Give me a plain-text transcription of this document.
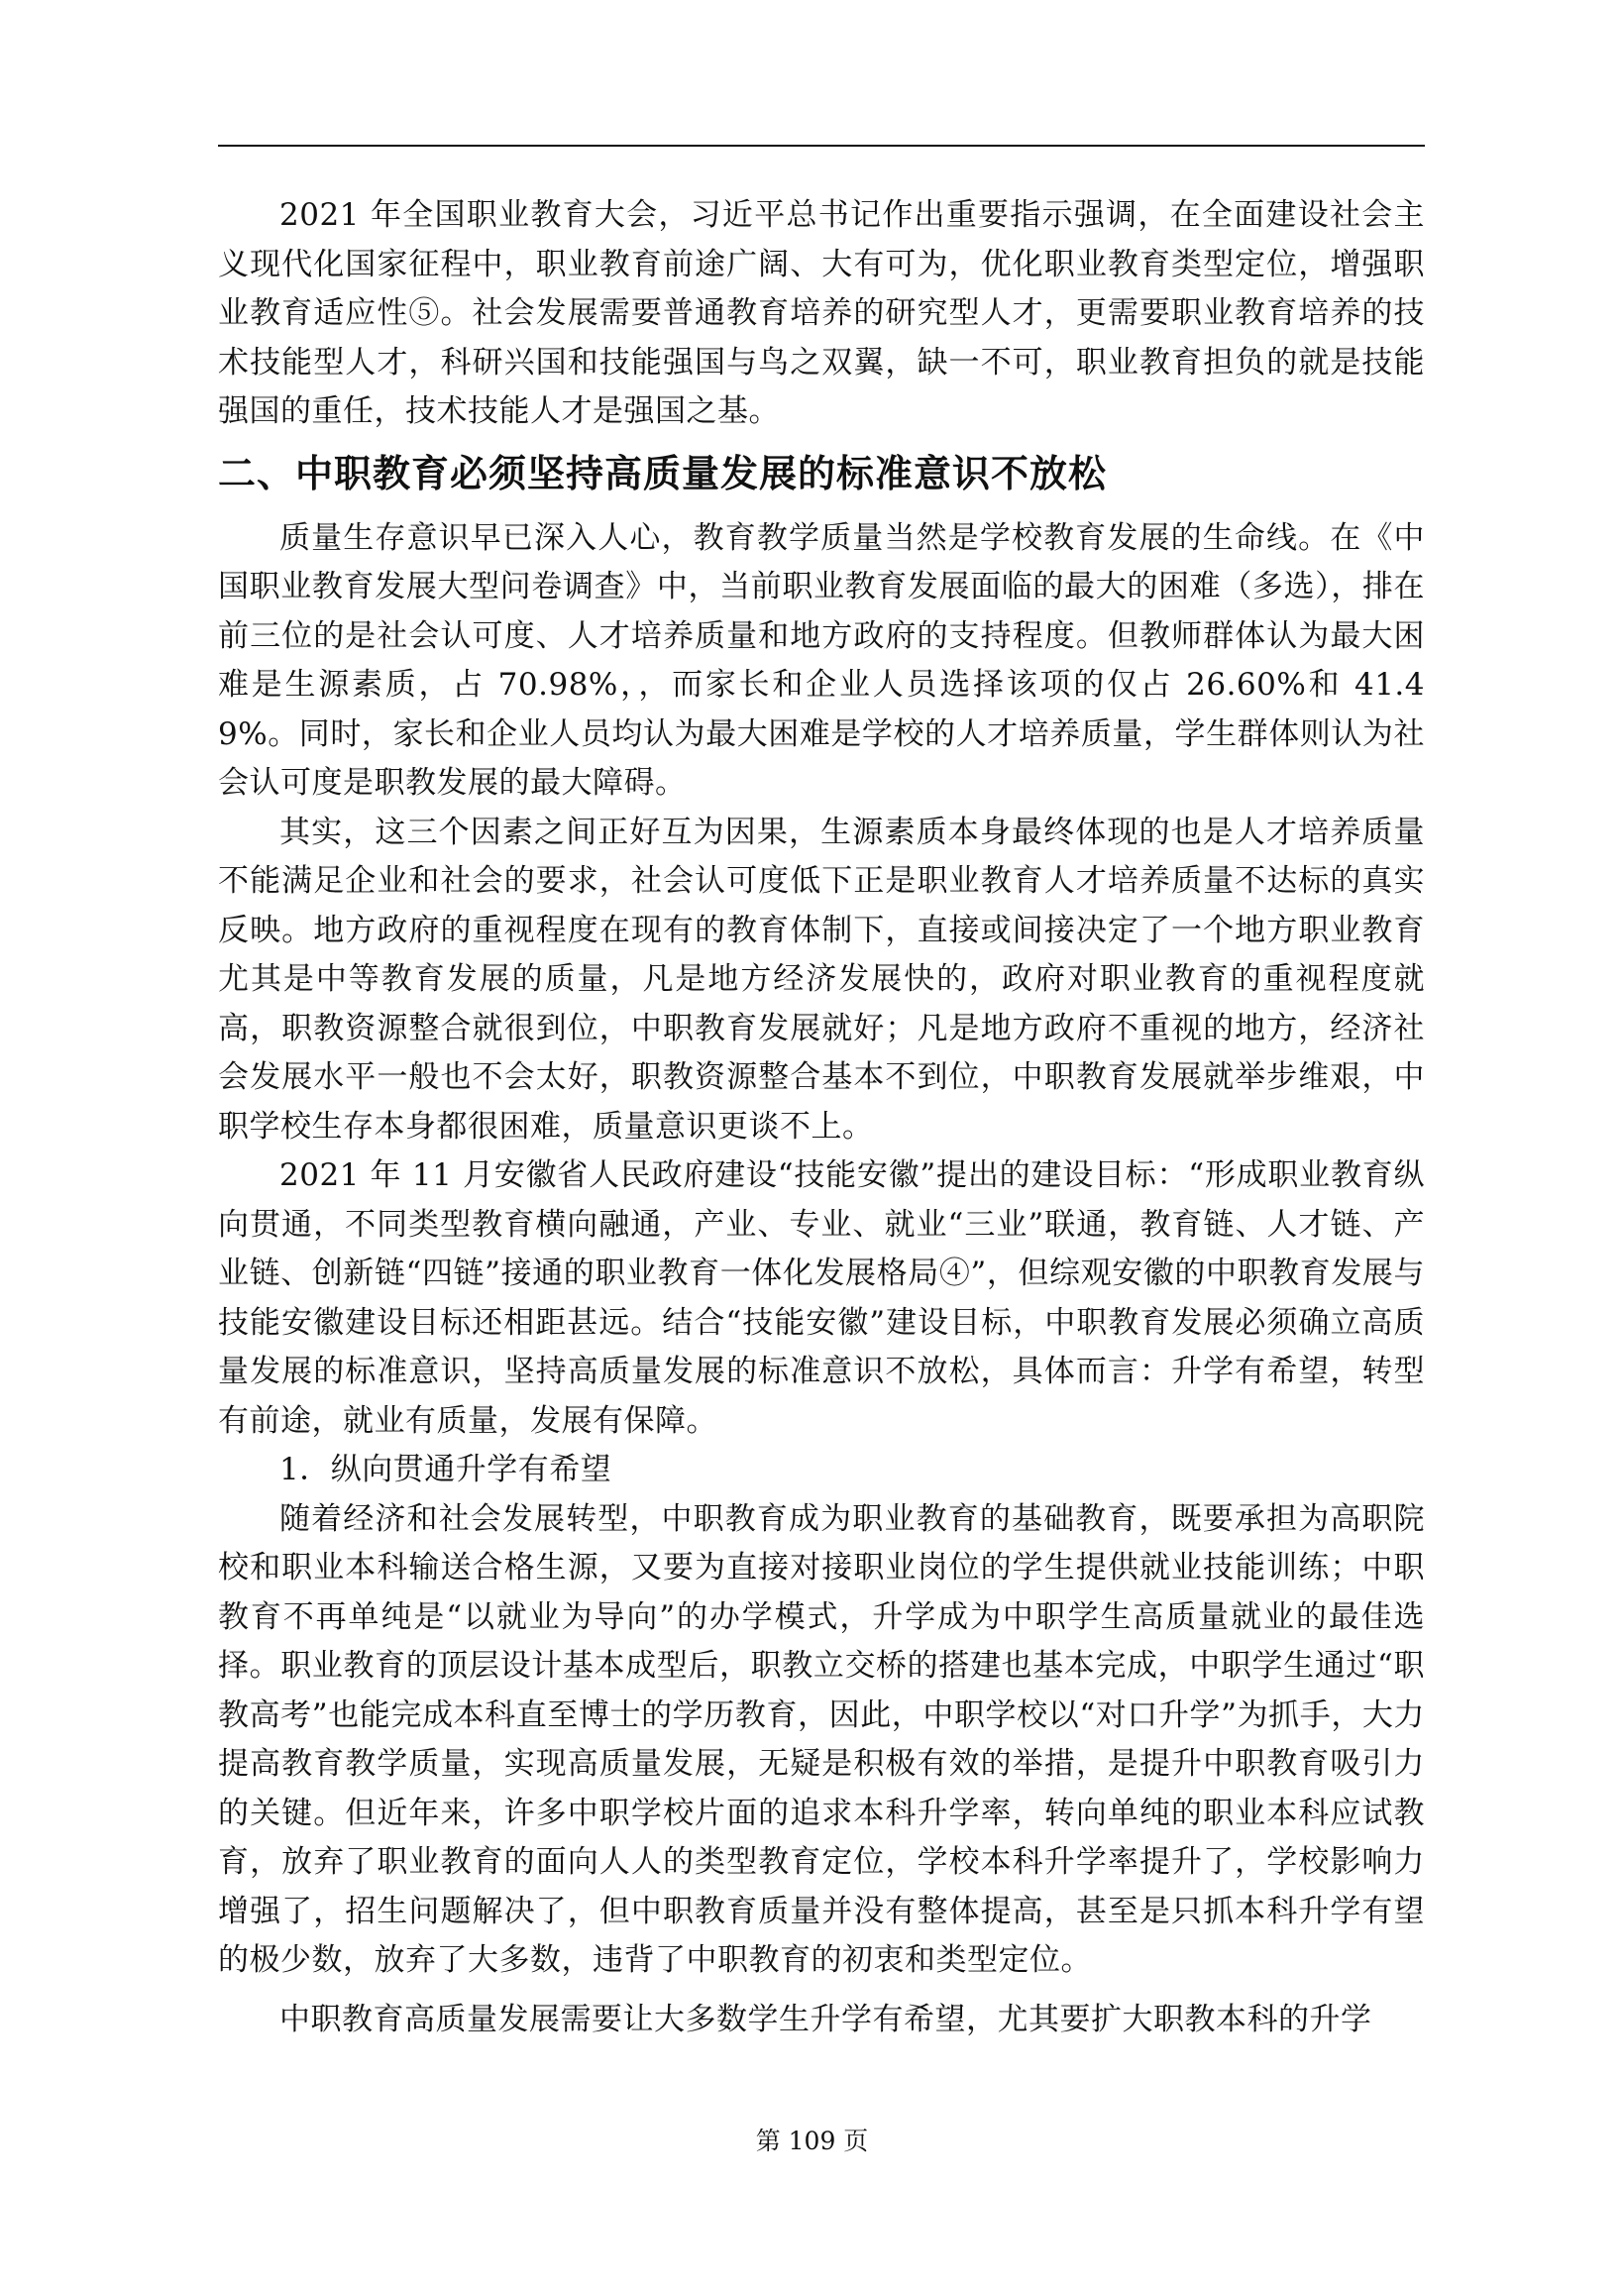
2021 年全国职业教育大会，习近平总书记作出重要指示强调，在全面建设社会主义现代化国家征程中，职业教育前途广阔、大有可为，优化职业教育类型定位，增强职业教育适应性⑤。社会发展需要普通教育培养的研究型人才，更需要职业教育培养的技术技能型人才，科研兴国和技能强国与鸟之双翼，缺一不可，职业教育担负的就是技能强国的重任，技术技能人才是强国之基。

二、中职教育必须坚持高质量发展的标准意识不放松

质量生存意识早已深入人心，教育教学质量当然是学校教育发展的生命线。在《中国职业教育发展大型问卷调查》中，当前职业教育发展面临的最大的困难（多选），排在前三位的是社会认可度、人才培养质量和地方政府的支持程度。但教师群体认为最大困难是生源素质，占 70.98%，，而家长和企业人员选择该项的仅占 26.60%和 41.49%。同时，家长和企业人员均认为最大困难是学校的人才培养质量，学生群体则认为社会认可度是职教发展的最大障碍。

其实，这三个因素之间正好互为因果，生源素质本身最终体现的也是人才培养质量不能满足企业和社会的要求，社会认可度低下正是职业教育人才培养质量不达标的真实反映。地方政府的重视程度在现有的教育体制下，直接或间接决定了一个地方职业教育尤其是中等教育发展的质量，凡是地方经济发展快的，政府对职业教育的重视程度就高，职教资源整合就很到位，中职教育发展就好；凡是地方政府不重视的地方，经济社会发展水平一般也不会太好，职教资源整合基本不到位，中职教育发展就举步维艰，中职学校生存本身都很困难，质量意识更谈不上。

2021 年 11 月安徽省人民政府建设“技能安徽”提出的建设目标：“形成职业教育纵向贯通，不同类型教育横向融通，产业、专业、就业“三业”联通，教育链、人才链、产业链、创新链“四链”接通的职业教育一体化发展格局④”，但综观安徽的中职教育发展与技能安徽建设目标还相距甚远。结合“技能安徽”建设目标，中职教育发展必须确立高质量发展的标准意识，坚持高质量发展的标准意识不放松，具体而言：升学有希望，转型有前途，就业有质量，发展有保障。

1．纵向贯通升学有希望

随着经济和社会发展转型，中职教育成为职业教育的基础教育，既要承担为高职院校和职业本科输送合格生源，又要为直接对接职业岗位的学生提供就业技能训练；中职教育不再单纯是“以就业为导向”的办学模式，升学成为中职学生高质量就业的最佳选择。职业教育的顶层设计基本成型后，职教立交桥的搭建也基本完成，中职学生通过“职教高考”也能完成本科直至博士的学历教育，因此，中职学校以“对口升学”为抓手，大力提高教育教学质量，实现高质量发展，无疑是积极有效的举措，是提升中职教育吸引力的关键。但近年来，许多中职学校片面的追求本科升学率，转向单纯的职业本科应试教育，放弃了职业教育的面向人人的类型教育定位，学校本科升学率提升了，学校影响力增强了，招生问题解决了，但中职教育质量并没有整体提高，甚至是只抓本科升学有望的极少数，放弃了大多数，违背了中职教育的初衷和类型定位。

中职教育高质量发展需要让大多数学生升学有希望，尤其要扩大职教本科的升学

第 109 页
